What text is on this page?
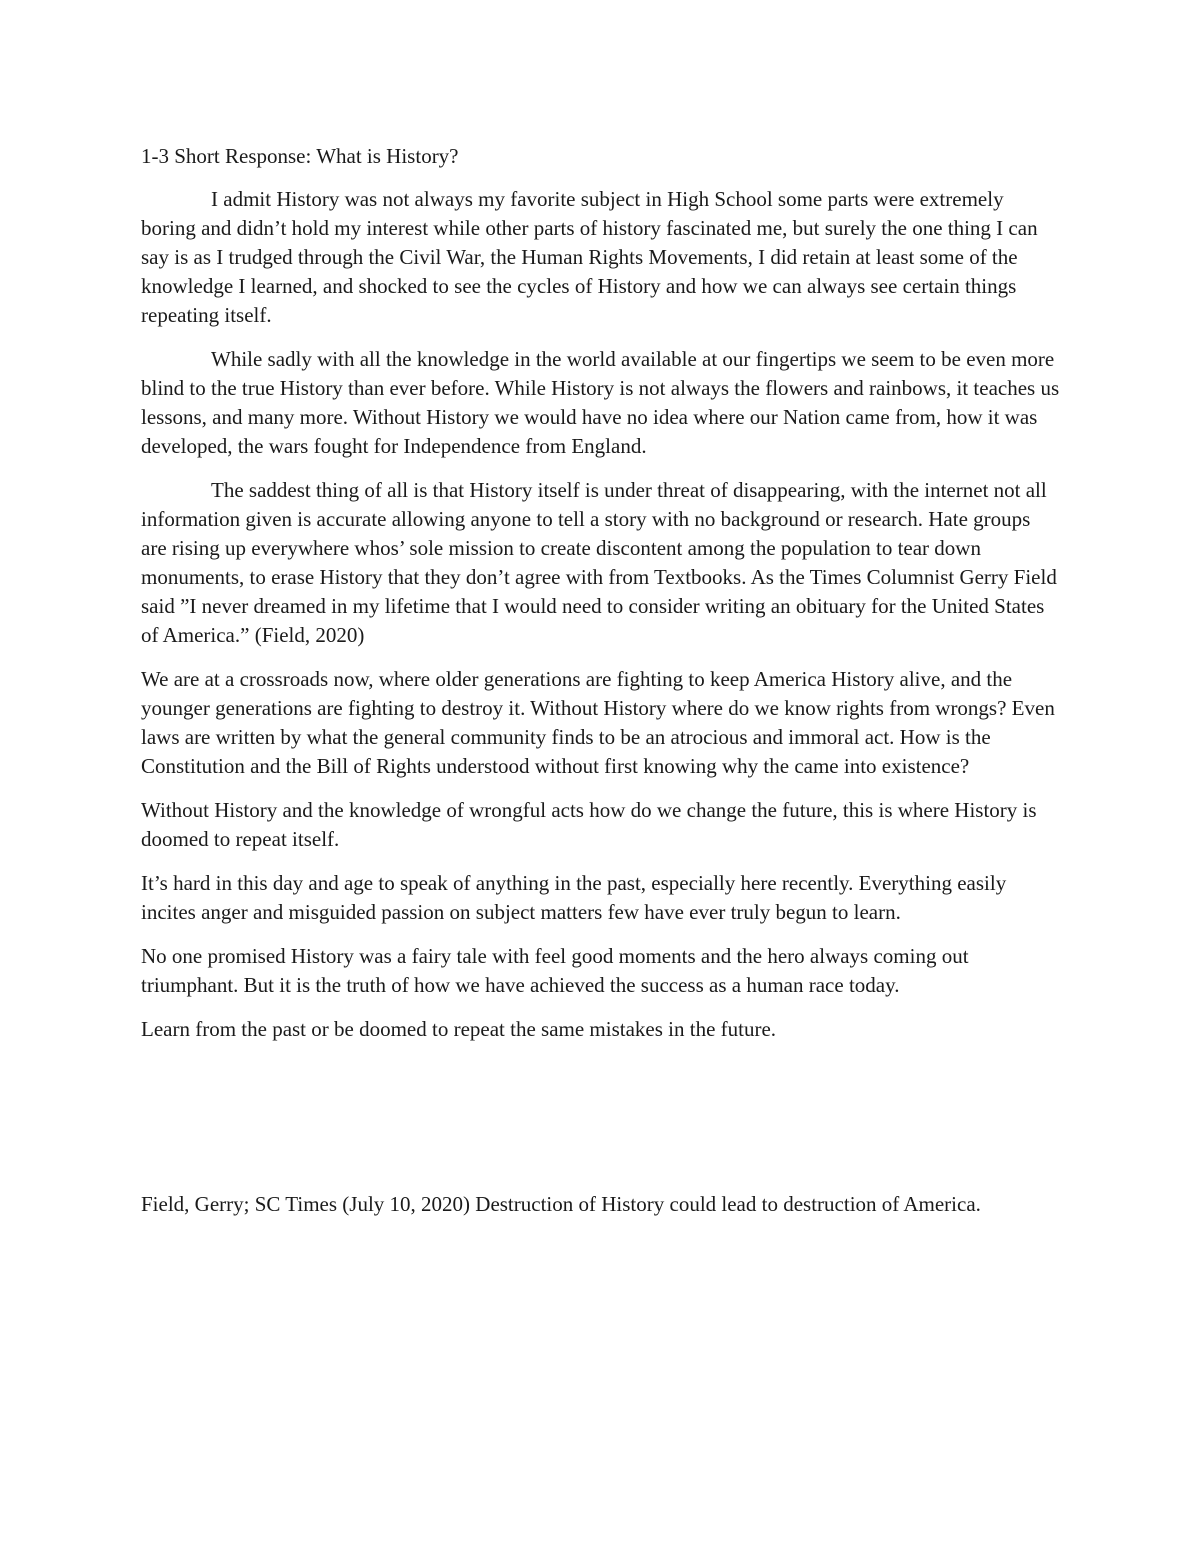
1-3 Short Response: What is History?

I admit History was not always my favorite subject in High School some parts were extremely boring and didn’t hold my interest while other parts of history fascinated me, but surely the one thing I can say is as I trudged through the Civil War, the Human Rights Movements, I did retain at least some of the knowledge I learned, and shocked to see the cycles of History and how we can always see certain things repeating itself.

While sadly with all the knowledge in the world available at our fingertips we seem to be even more blind to the true History than ever before. While History is not always the flowers and rainbows, it teaches us lessons, and many more. Without History we would have no idea where our Nation came from, how it was developed, the wars fought for Independence from England.

The saddest thing of all is that History itself is under threat of disappearing, with the internet not all information given is accurate allowing anyone to tell a story with no background or research. Hate groups are rising up everywhere whos’ sole mission to create discontent among the population to tear down monuments, to erase History that they don’t agree with from Textbooks. As the Times Columnist Gerry Field said ”I never dreamed in my lifetime that I would need to consider writing an obituary for the United States of America.” (Field, 2020)

We are at a crossroads now, where older generations are fighting to keep America History alive, and the younger generations are fighting to destroy it. Without History where do we know rights from wrongs? Even laws are written by what the general community finds to be an atrocious and immoral act. How is the Constitution and the Bill of Rights understood without first knowing why the came into existence?

Without History and the knowledge of wrongful acts how do we change the future, this is where History is doomed to repeat itself.

It’s hard in this day and age to speak of anything in the past, especially here recently. Everything easily incites anger and misguided passion on subject matters few have ever truly begun to learn.

No one promised History was a fairy tale with feel good moments and the hero always coming out triumphant. But it is the truth of how we have achieved the success as a human race today.

Learn from the past or be doomed to repeat the same mistakes in the future.

Field, Gerry; SC Times (July 10, 2020) Destruction of History could lead to destruction of America.
